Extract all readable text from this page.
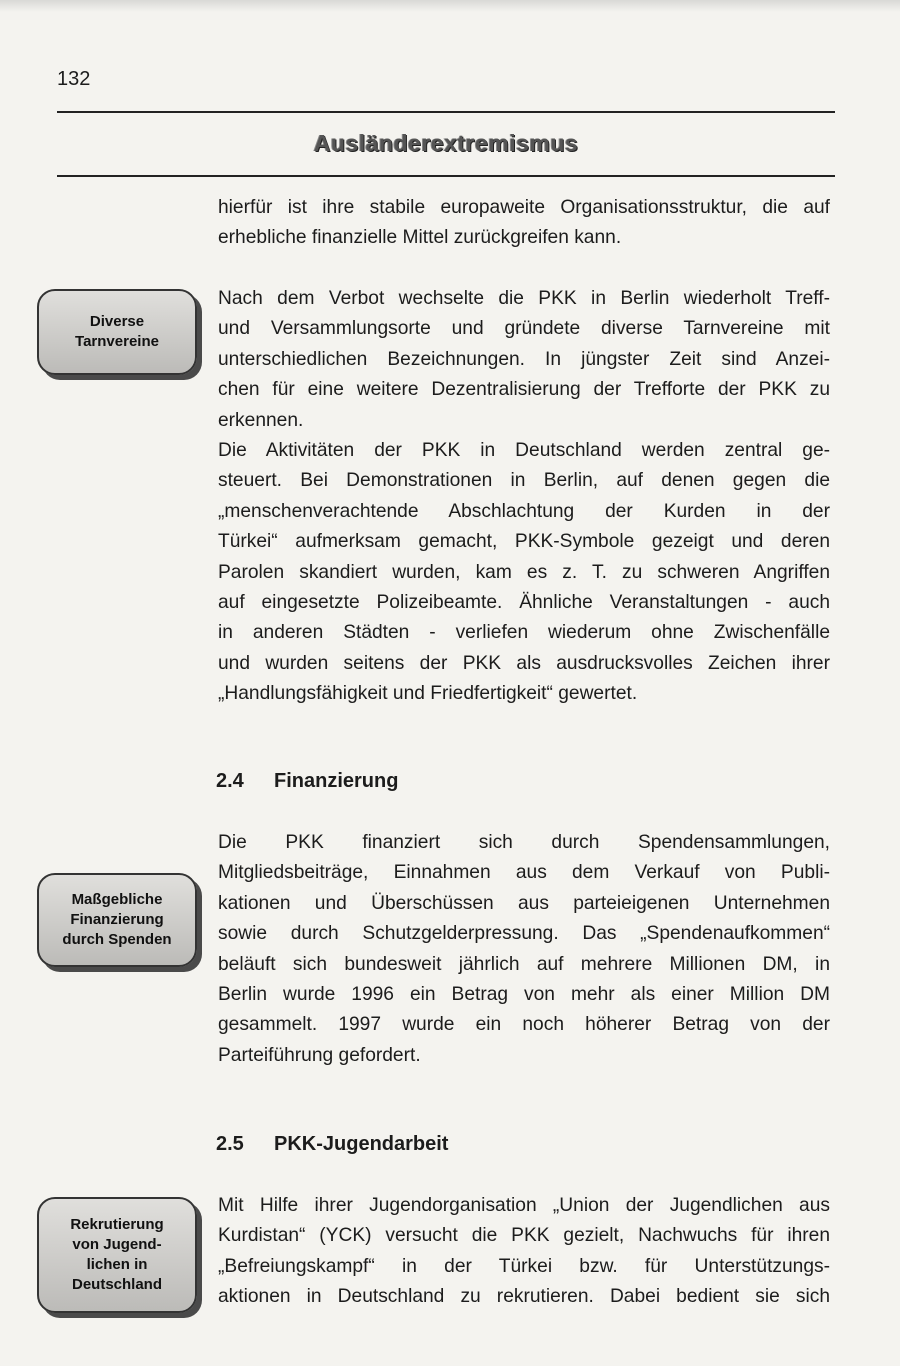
132
Ausländerextremismus
hierfür ist ihre stabile europaweite Organisationsstruktur, die auf
erhebliche finanzielle Mittel zurückgreifen kann.
Diverse
Tarnvereine
Nach dem Verbot wechselte die PKK in Berlin wiederholt Treff-
und Versammlungsorte und gründete diverse Tarnvereine mit
unterschiedlichen Bezeichnungen. In jüngster Zeit sind Anzei-
chen für eine weitere Dezentralisierung der Trefforte der PKK zu
erkennen.
Die Aktivitäten der PKK in Deutschland werden zentral ge-
steuert. Bei Demonstrationen in Berlin, auf denen gegen die
„menschenverachtende Abschlachtung der Kurden in der
Türkei“ aufmerksam gemacht, PKK-Symbole gezeigt und deren
Parolen skandiert wurden, kam es z. T. zu schweren Angriffen
auf eingesetzte Polizeibeamte. Ähnliche Veranstaltungen - auch
in anderen Städten - verliefen wiederum ohne Zwischenfälle
und wurden seitens der PKK als ausdrucksvolles Zeichen ihrer
„Handlungsfähigkeit und Friedfertigkeit“ gewertet.
2.4 Finanzierung
Maßgebliche
Finanzierung
durch Spenden
Die PKK finanziert sich durch Spendensammlungen,
Mitgliedsbeiträge, Einnahmen aus dem Verkauf von Publi-
kationen und Überschüssen aus parteieigenen Unternehmen
sowie durch Schutzgelderpressung. Das „Spendenaufkommen“
beläuft sich bundesweit jährlich auf mehrere Millionen DM, in
Berlin wurde 1996 ein Betrag von mehr als einer Million DM
gesammelt. 1997 wurde ein noch höherer Betrag von der
Parteiführung gefordert.
2.5 PKK-Jugendarbeit
Rekrutierung
von Jugend-
lichen in
Deutschland
Mit Hilfe ihrer Jugendorganisation „Union der Jugendlichen aus
Kurdistan“ (YCK) versucht die PKK gezielt, Nachwuchs für ihren
„Befreiungskampf“ in der Türkei bzw. für Unterstützungs-
aktionen in Deutschland zu rekrutieren. Dabei bedient sie sich
